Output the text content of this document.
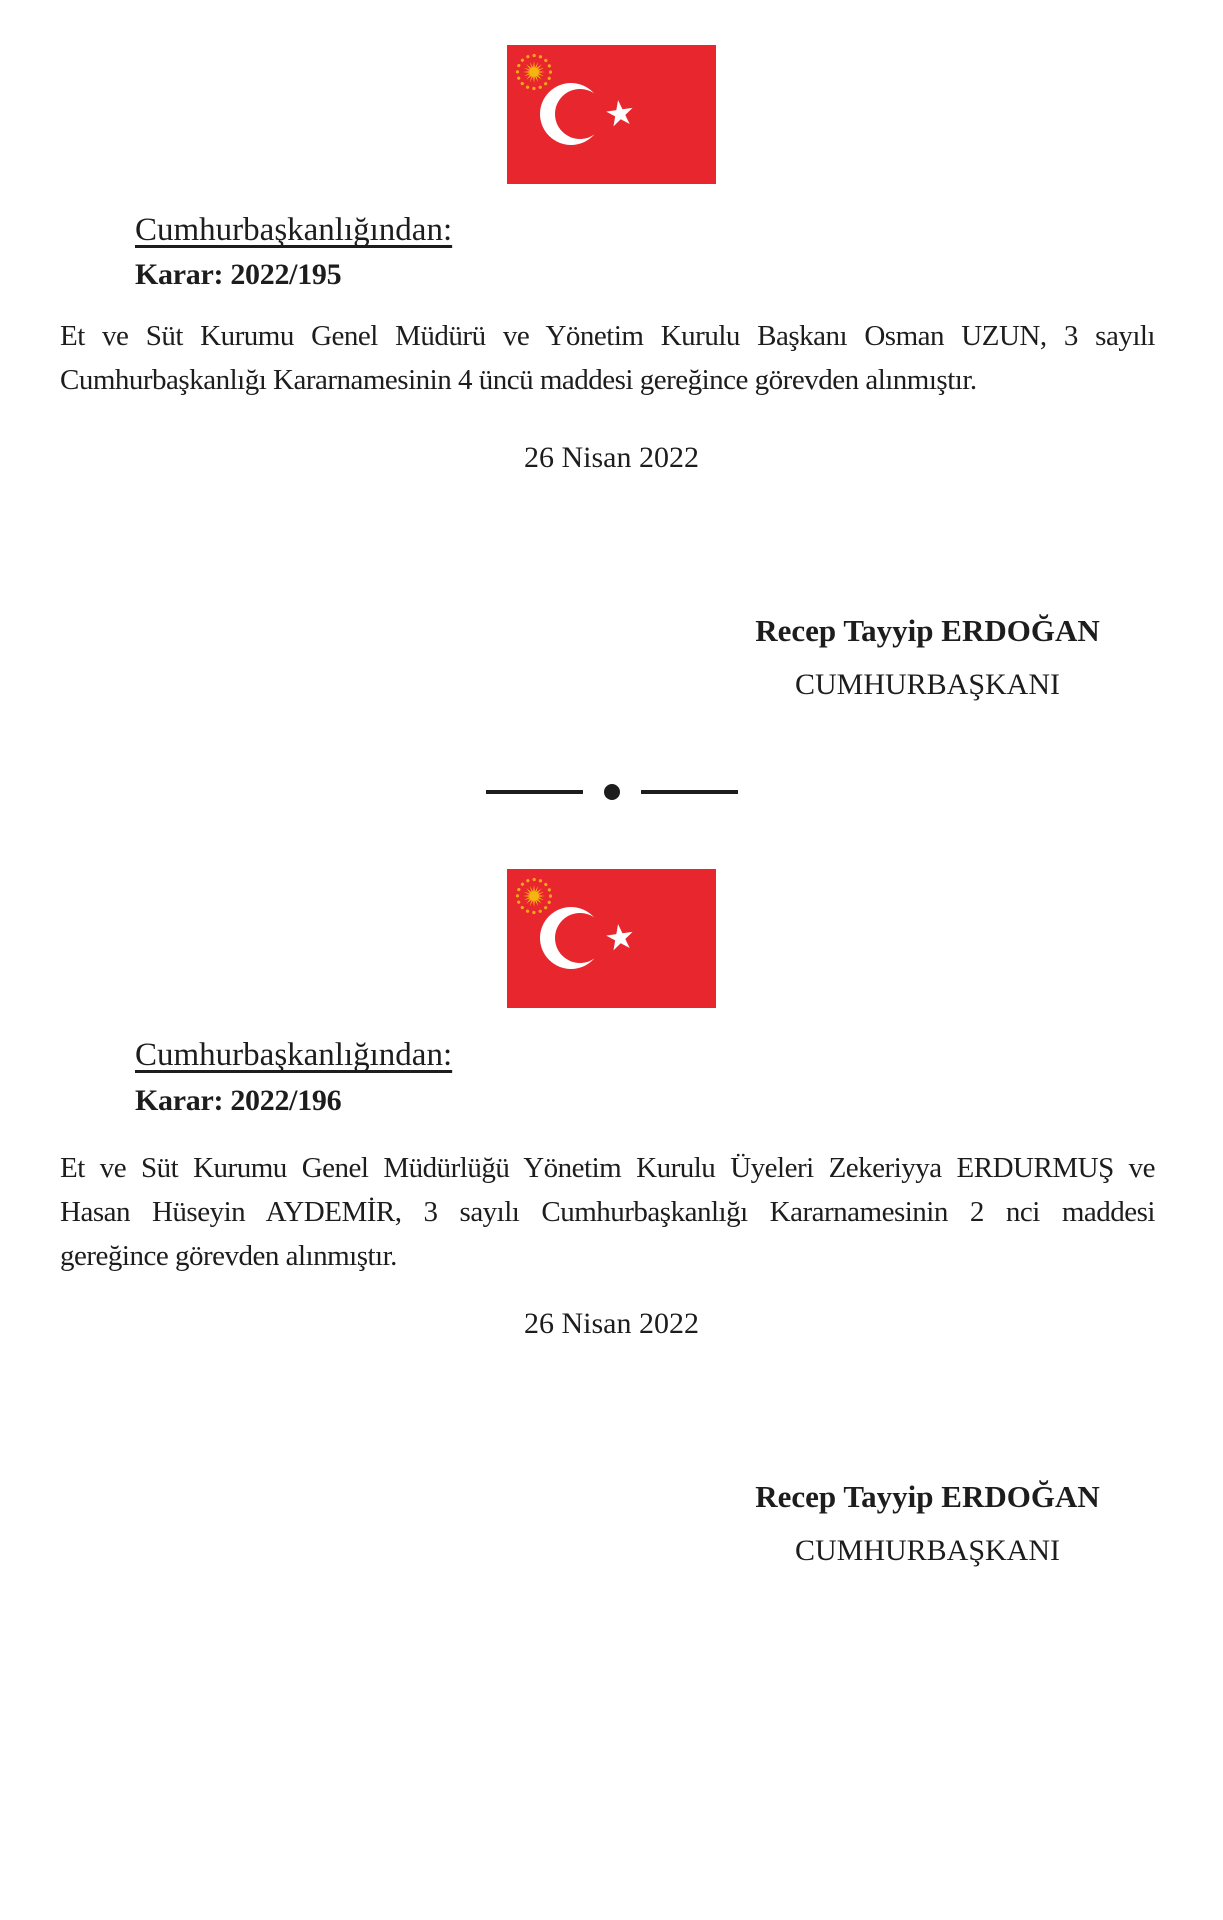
Cumhurbaşkanlığından:
Karar: 2022/195
Et ve Süt Kurumu Genel Müdürü ve Yönetim Kurulu Başkanı Osman UZUN, 3 sayılı
Cumhurbaşkanlığı Kararnamesinin 4 üncü maddesi gereğince görevden alınmıştır.
26 Nisan 2022
Recep Tayyip ERDOĞAN
CUMHURBAŞKANI
Cumhurbaşkanlığından:
Karar: 2022/196
Et ve Süt Kurumu Genel Müdürlüğü Yönetim Kurulu Üyeleri Zekeriyya ERDURMUŞ ve
Hasan Hüseyin AYDEMİR, 3 sayılı Cumhurbaşkanlığı Kararnamesinin 2 nci maddesi
gereğince görevden alınmıştır.
26 Nisan 2022
Recep Tayyip ERDOĞAN
CUMHURBAŞKANI
